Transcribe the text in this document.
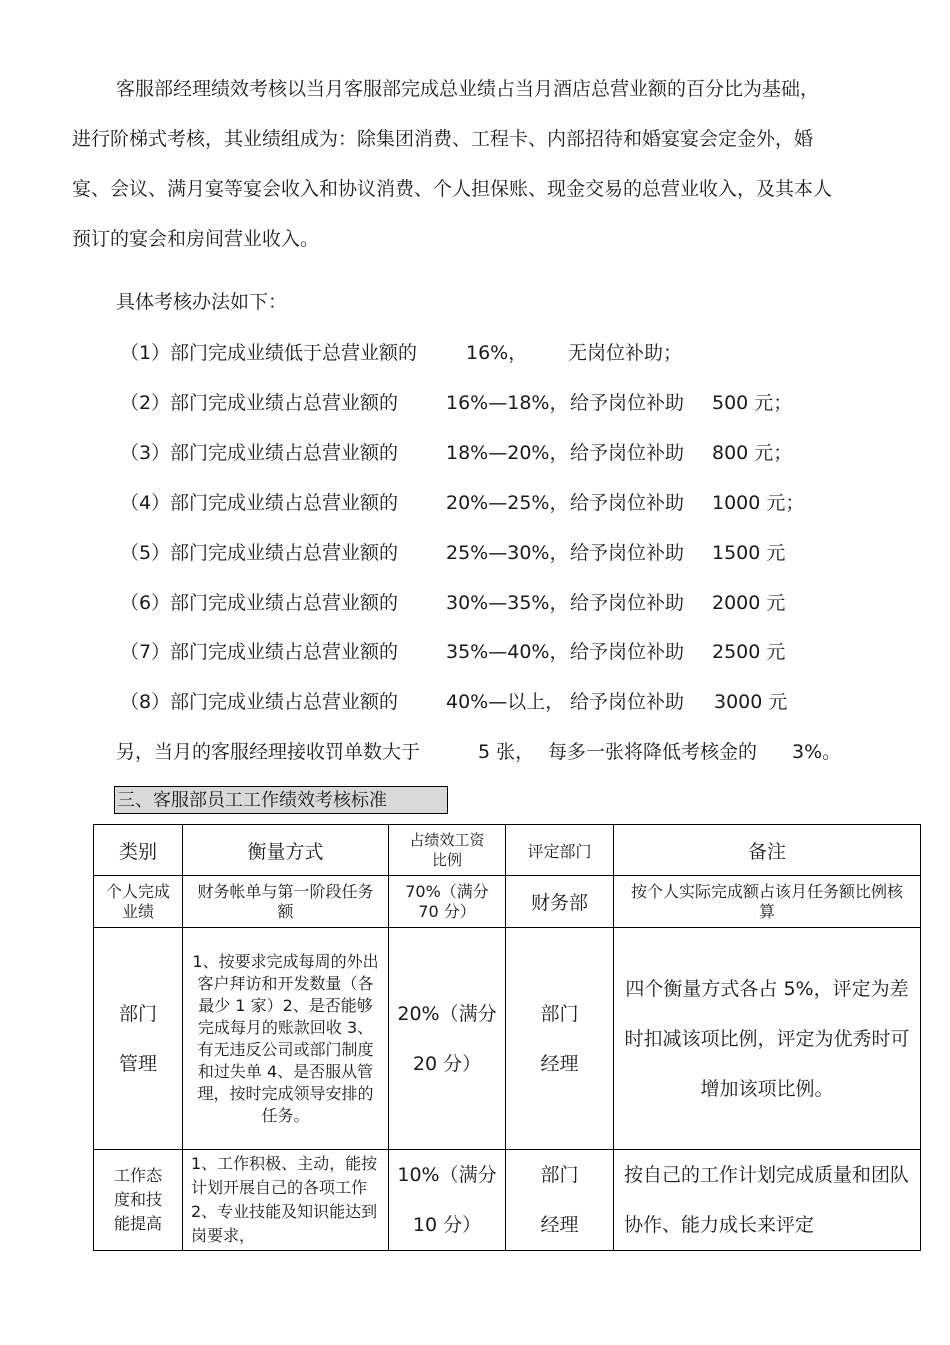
客服部经理绩效考核以当月客服部完成总业绩占当月酒店总营业额的百分比为基础，进行阶梯式考核，其业绩组成为：除集团消费、工程卡、内部招待和婚宴宴会定金外，婚宴、会议、满月宴等宴会收入和协议消费、个人担保账、现金交易的总营业收入，及其本人预订的宴会和房间营业收入。

具体考核办法如下：
（1） 部门完成业绩低于总营业额的	16%， 无岗位补助；
（2） 部门完成业绩占总营业额的	16%—18%， 给予岗位补助 500 元；
（3） 部门完成业绩占总营业额的	18%—20%， 给予岗位补助 800 元；
（4） 部门完成业绩占总营业额的	20%—25%， 给予岗位补助 1000 元；
（5） 部门完成业绩占总营业额的	25%—30%， 给予岗位补助 1500 元
（6） 部门完成业绩占总营业额的	30%—35%， 给予岗位补助 2000 元
（7） 部门完成业绩占总营业额的	35%—40%， 给予岗位补助 2500 元
（8） 部门完成业绩占总营业额的	40%—以上， 给予岗位补助 3000 元
另，当月的客服经理接收罚单数大于	5 张， 每多一张将降低考核金的 3%。
三、客服部员工工作绩效考核标准
类别	衡量方式	占绩效工资比例	评定部门	备注
个人完成业绩	财务帐单与第一阶段任务额	70%（满分70 分）	财务部	按个人实际完成额占该月任务额比例核算
部门管理	1、按要求完成每周的外出客户拜访和开发数量（各最少 1 家）2、是否能够完成每月的账款回收 3、有无违反公司或部门制度和过失单 4、是否服从管理，按时完成领导安排的任务。	20%（满分20 分）	部门经理	四个衡量方式各占 5%，评定为差时扣减该项比例，评定为优秀时可增加该项比例。
工作态度和技能提高	1、工作积极、主动，能按计划开展自己的各项工作 2、专业技能及知识能达到岗要求，	10%（满分10 分）	部门经理	按自己的工作计划完成质量和团队协作、能力成长来评定
